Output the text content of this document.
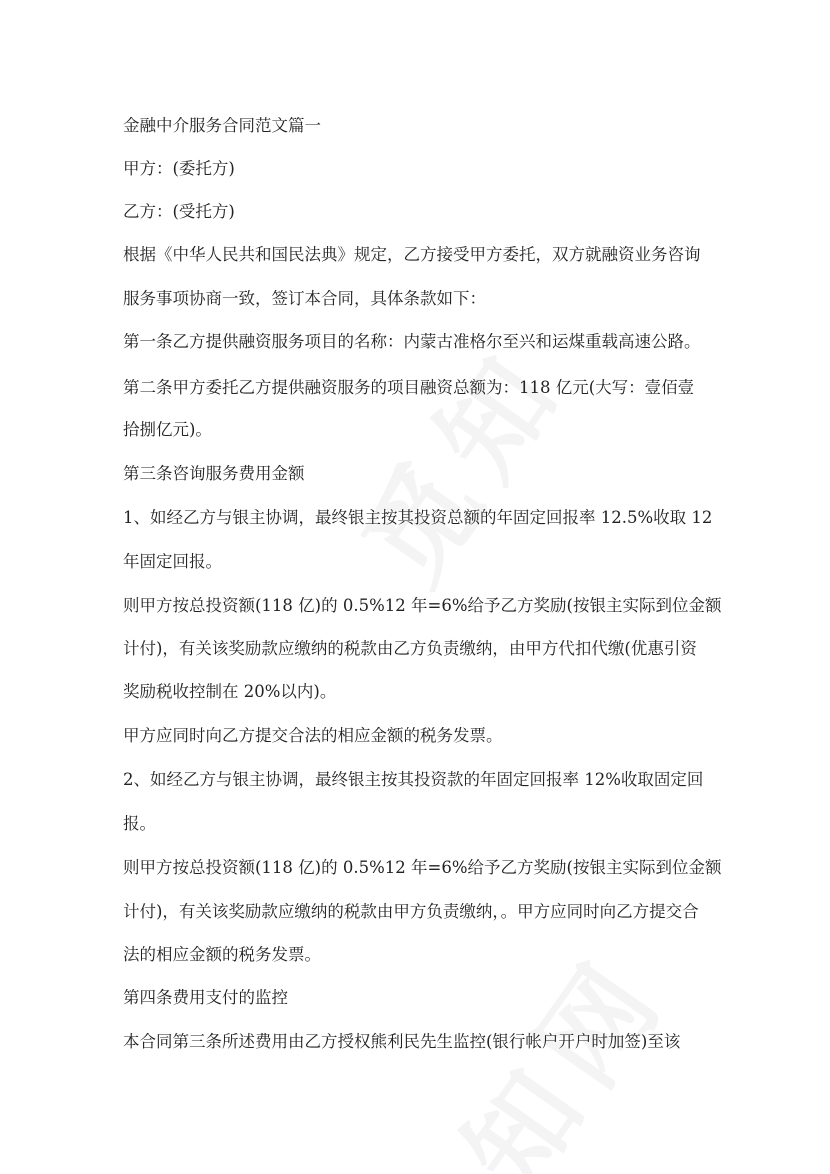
金融中介服务合同范文篇一
甲方：(委托方)
乙方：(受托方)
根据《中华人民共和国民法典》规定，乙方接受甲方委托，双方就融资业务咨询
服务事项协商一致，签订本合同，具体条款如下：
第一条乙方提供融资服务项目的名称：内蒙古准格尔至兴和运煤重载高速公路。
第二条甲方委托乙方提供融资服务的项目融资总额为：118 亿元(大写：壹佰壹
拾捌亿元)。
第三条咨询服务费用金额
1、如经乙方与银主协调，最终银主按其投资总额的年固定回报率 12.5%收取 12
年固定回报。
则甲方按总投资额(118 亿)的 0.5%12 年=6%给予乙方奖励(按银主实际到位金额
计付)，有关该奖励款应缴纳的税款由乙方负责缴纳，由甲方代扣代缴(优惠引资
奖励税收控制在 20%以内)。
甲方应同时向乙方提交合法的相应金额的税务发票。
2、如经乙方与银主协调，最终银主按其投资款的年固定回报率 12%收取固定回
报。
则甲方按总投资额(118 亿)的 0.5%12 年=6%给予乙方奖励(按银主实际到位金额
计付)，有关该奖励款应缴纳的税款由甲方负责缴纳，。甲方应同时向乙方提交合
法的相应金额的税务发票。
第四条费用支付的监控
本合同第三条所述费用由乙方授权熊利民先生监控(银行帐户开户时加签)至该
